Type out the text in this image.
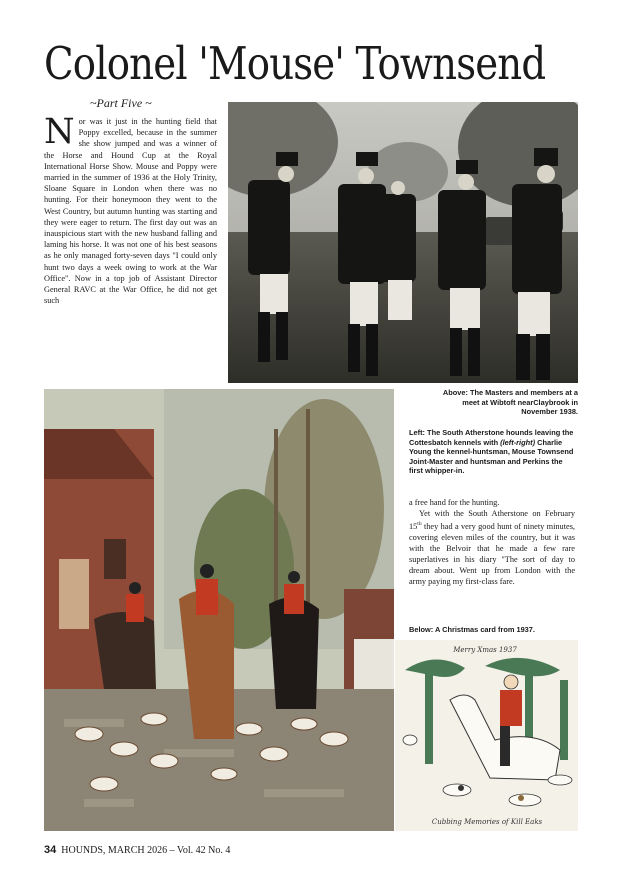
Colonel 'Mouse' Townsend
~Part Five ~
Nor was it just in the hunting field that Poppy excelled, because in the summer she show jumped and was a winner of the Horse and Hound Cup at the Royal International Horse Show. Mouse and Poppy were married in the summer of 1936 at the Holy Trinity, Sloane Square in London when there was no hunting. For their honeymoon they went to the West Country, but autumn hunting was starting and they were eager to return. The first day out was an inauspicious start with the new husband falling and laming his horse. It was not one of his best seasons as he only managed forty-seven days "I could only hunt two days a week owing to work at the War Office". Now in a top job of Assistant Director General RAVC at the War Office, he did not get such
Above: The Masters and members at a meet at Wibtoft nearClaybrook in November 1938.
Left: The South Atherstone hounds leaving the Cottesbatch kennels with (left-right) Charlie Young the kennel-huntsman, Mouse Townsend Joint-Master and huntsman and Perkins the first whipper-in.

a free hand for the hunting.

Yet with the South Atherstone on February 15th they had a very good hunt of ninety minutes, covering eleven miles of the country, but it was with the Belvoir that he made a few rare superlatives in his diary "The sort of day to dream about. Went up from London with the army paying my first-class fare.

Below: A Christmas card from 1937.
Merry Xmas 1937
Cubbing Memories of Kill Eaks
34 HOUNDS, MARCH 2026 – Vol. 42 No. 4
